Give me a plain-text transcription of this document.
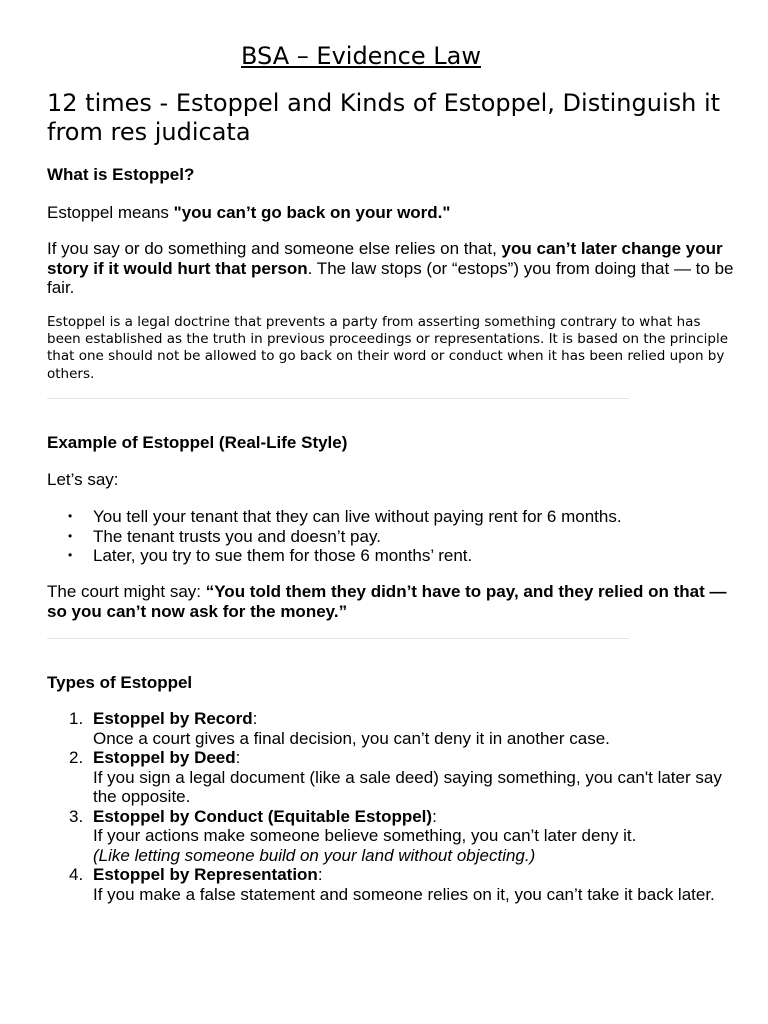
BSA – Evidence Law
12 times - Estoppel and Kinds of Estoppel, Distinguish it from res judicata
What is Estoppel?
Estoppel means "you can’t go back on your word."
If you say or do something and someone else relies on that, you can’t later change your story if it would hurt that person. The law stops (or “estops”) you from doing that — to be fair.
Estoppel is a legal doctrine that prevents a party from asserting something contrary to what has been established as the truth in previous proceedings or representations. It is based on the principle that one should not be allowed to go back on their word or conduct when it has been relied upon by others.
Example of Estoppel (Real-Life Style)
Let’s say:
• You tell your tenant that they can live without paying rent for 6 months.
• The tenant trusts you and doesn’t pay.
• Later, you try to sue them for those 6 months’ rent.
The court might say: “You told them they didn’t have to pay, and they relied on that — so you can’t now ask for the money.”
Types of Estoppel
1. Estoppel by Record:
Once a court gives a final decision, you can’t deny it in another case.
2. Estoppel by Deed:
If you sign a legal document (like a sale deed) saying something, you can't later say the opposite.
3. Estoppel by Conduct (Equitable Estoppel):
If your actions make someone believe something, you can’t later deny it.
(Like letting someone build on your land without objecting.)
4. Estoppel by Representation:
If you make a false statement and someone relies on it, you can’t take it back later.
